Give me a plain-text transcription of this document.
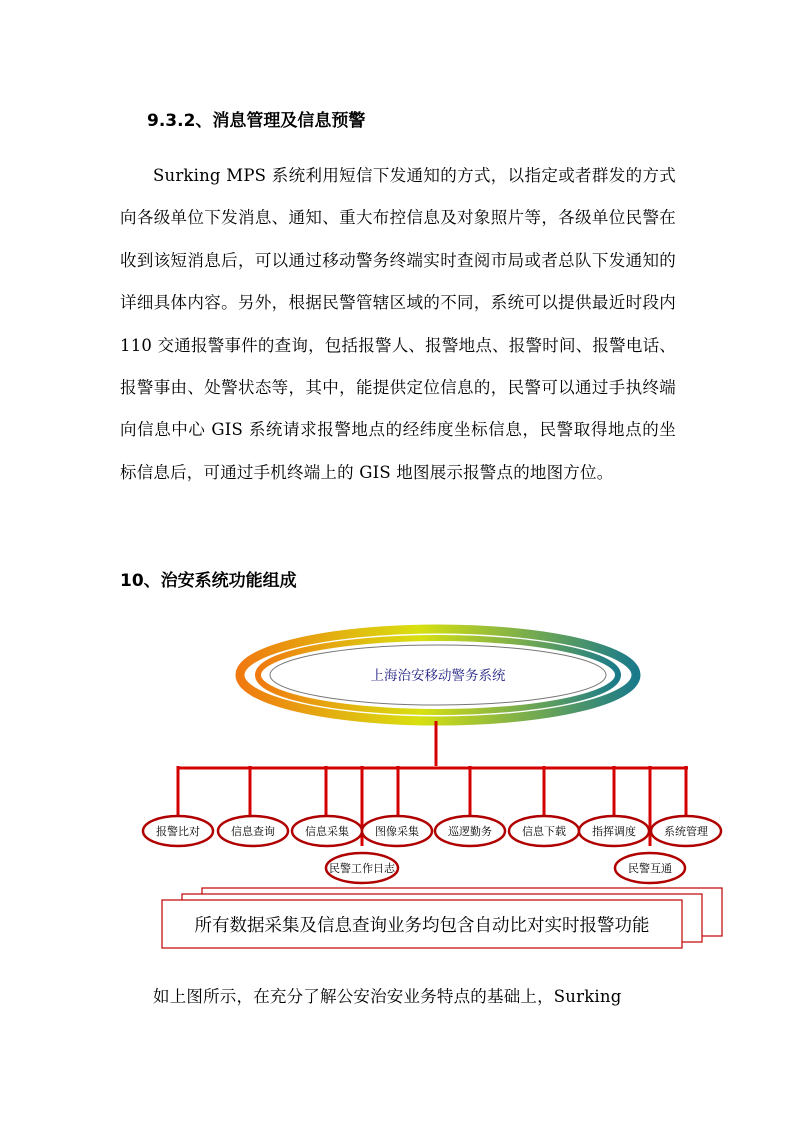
9.3.2、消息管理及信息预警

Surking MPS 系统利用短信下发通知的方式，以指定或者群发的方式向各级单位下发消息、通知、重大布控信息及对象照片等，各级单位民警在收到该短消息后，可以通过移动警务终端实时查阅市局或者总队下发通知的详细具体内容。另外，根据民警管辖区域的不同，系统可以提供最近时段内 110 交通报警事件的查询，包括报警人、报警地点、报警时间、报警电话、报警事由、处警状态等，其中，能提供定位信息的，民警可以通过手执终端向信息中心 GIS 系统请求报警地点的经纬度坐标信息，民警取得地点的坐标信息后，可通过手机终端上的 GIS 地图展示报警点的地图方位。

10、治安系统功能组成
上海治安移动警务系统
报警比对	信息查询	信息采集 图像采集	巡逻勤务	信息下载 指挥调度	系统管理
民警工作日志	民警互通
所有数据采集及信息查询业务均包含自动比对实时报警功能

如上图所示，在充分了解公安治安业务特点的基础上，Surking
